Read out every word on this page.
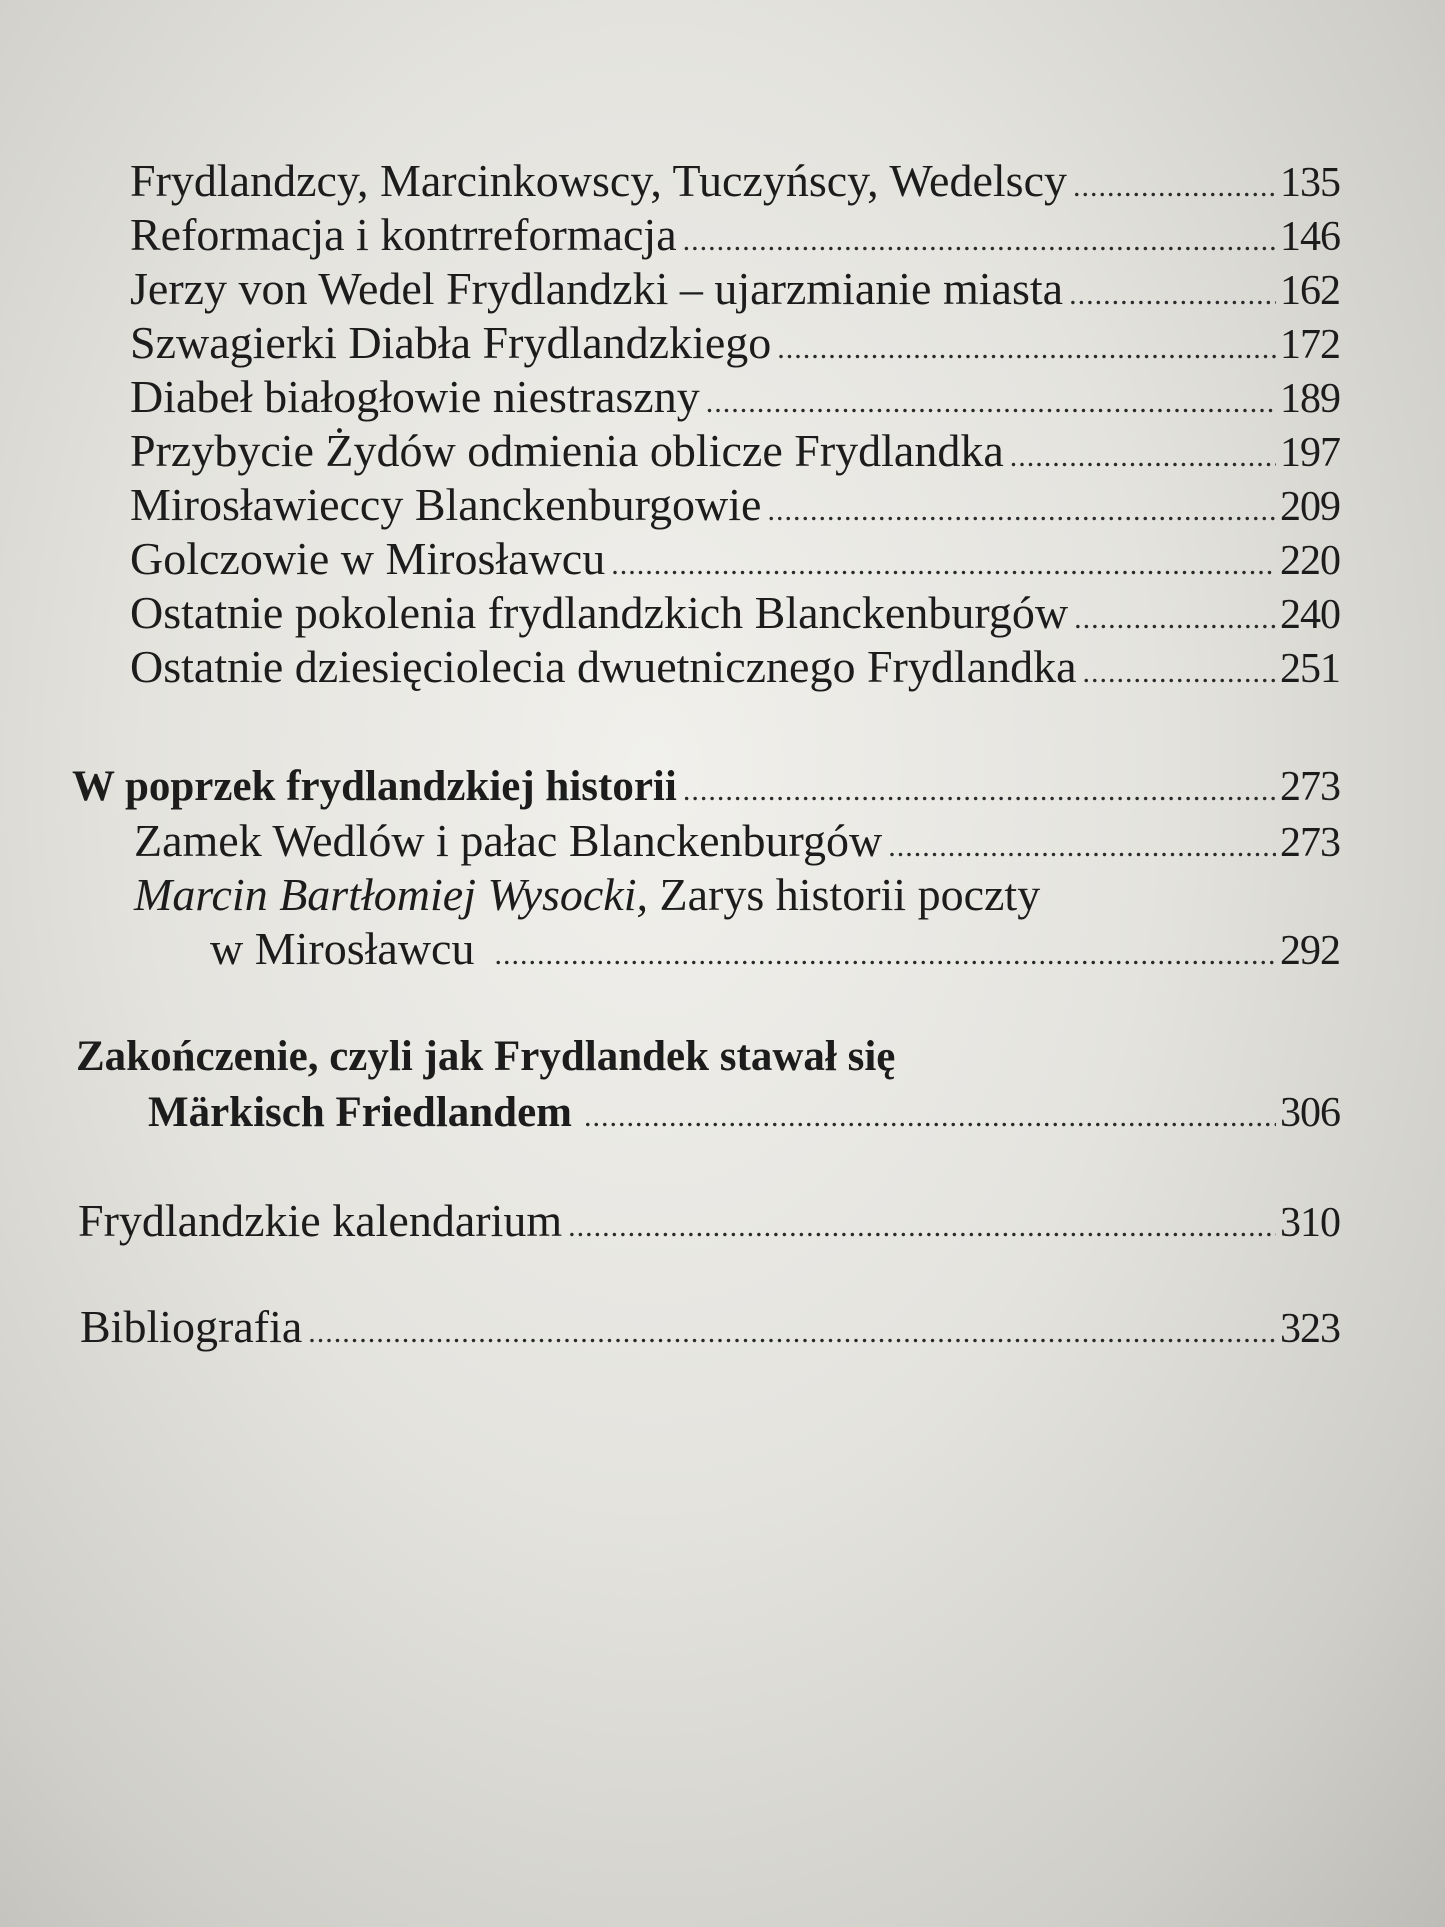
Frydlandzcy, Marcinkowscy, Tuczyńscy, Wedelscy .....	135
Reformacja i kontrreformacja .....	146
Jerzy von Wedel Frydlandzki – ujarzmianie miasta .....	162
Szwagierki Diabła Frydlandzkiego .....	172
Diabeł białogłowie niestraszny .....	189
Przybycie Żydów odmienia oblicze Frydlandka .....	197
Mirosławieccy Blanckenburgowie .....	209
Golczowie w Mirosławcu .....	220
Ostatnie pokolenia frydlandzkich Blanckenburgów .....	240
Ostatnie dziesięciolecia dwuetnicznego Frydlandka .....	251
W poprzek frydlandzkiej historii .....	273
Zamek Wedlów i pałac Blanckenburgów .....	273
Marcin Bartłomiej Wysocki, Zarys historii poczty
w Mirosławcu .....	292
Zakończenie, czyli jak Frydlandek stawał się
Märkisch Friedlandem .....	306
Frydlandzkie kalendarium .....	310
Bibliografia .....	323
